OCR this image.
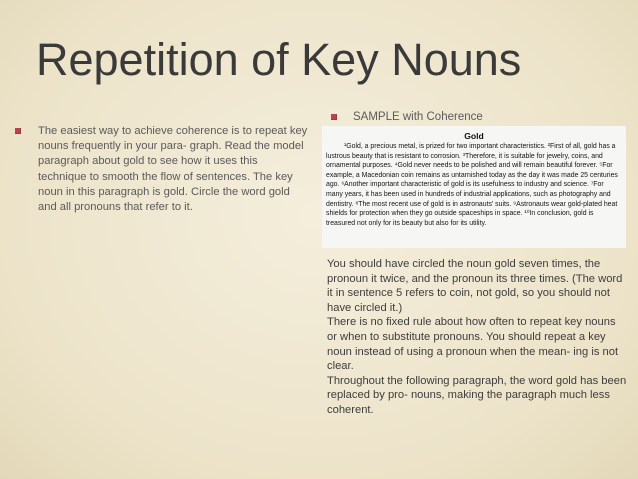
Repetition of Key Nouns
The easiest way to achieve coherence is to repeat key nouns frequently in your para- graph. Read the model paragraph about gold to see how it uses this technique to smooth the flow of sentences. The key noun in this paragraph is gold. Circle the word gold and all pronouns that refer to it.
SAMPLE with Coherence
Gold
¹Gold, a precious metal, is prized for two important characteristics. ²First of all, gold has a lustrous beauty that is resistant to corrosion. ³Therefore, it is suitable for jewelry, coins, and ornamental purposes. ⁴Gold never needs to be polished and will remain beautiful forever. ⁵For example, a Macedonian coin remains as untarnished today as the day it was made 25 centuries ago. ⁶Another important characteristic of gold is its usefulness to industry and science. ⁷For many years, it has been used in hundreds of industrial applications, such as photography and dentistry. ⁸The most recent use of gold is in astronauts' suits. ⁹Astronauts wear gold-plated heat shields for protection when they go outside spaceships in space. ¹⁰In conclusion, gold is treasured not only for its beauty but also for its utility.

You should have circled the noun gold seven times, the pronoun it twice, and the pronoun its three times. (The word it in sentence 5 refers to coin, not gold, so you should not have circled it.)

There is no fixed rule about how often to repeat key nouns or when to substitute pronouns. You should repeat a key noun instead of using a pronoun when the mean- ing is not clear.

Throughout the following paragraph, the word gold has been replaced by pro- nouns, making the paragraph much less coherent.
